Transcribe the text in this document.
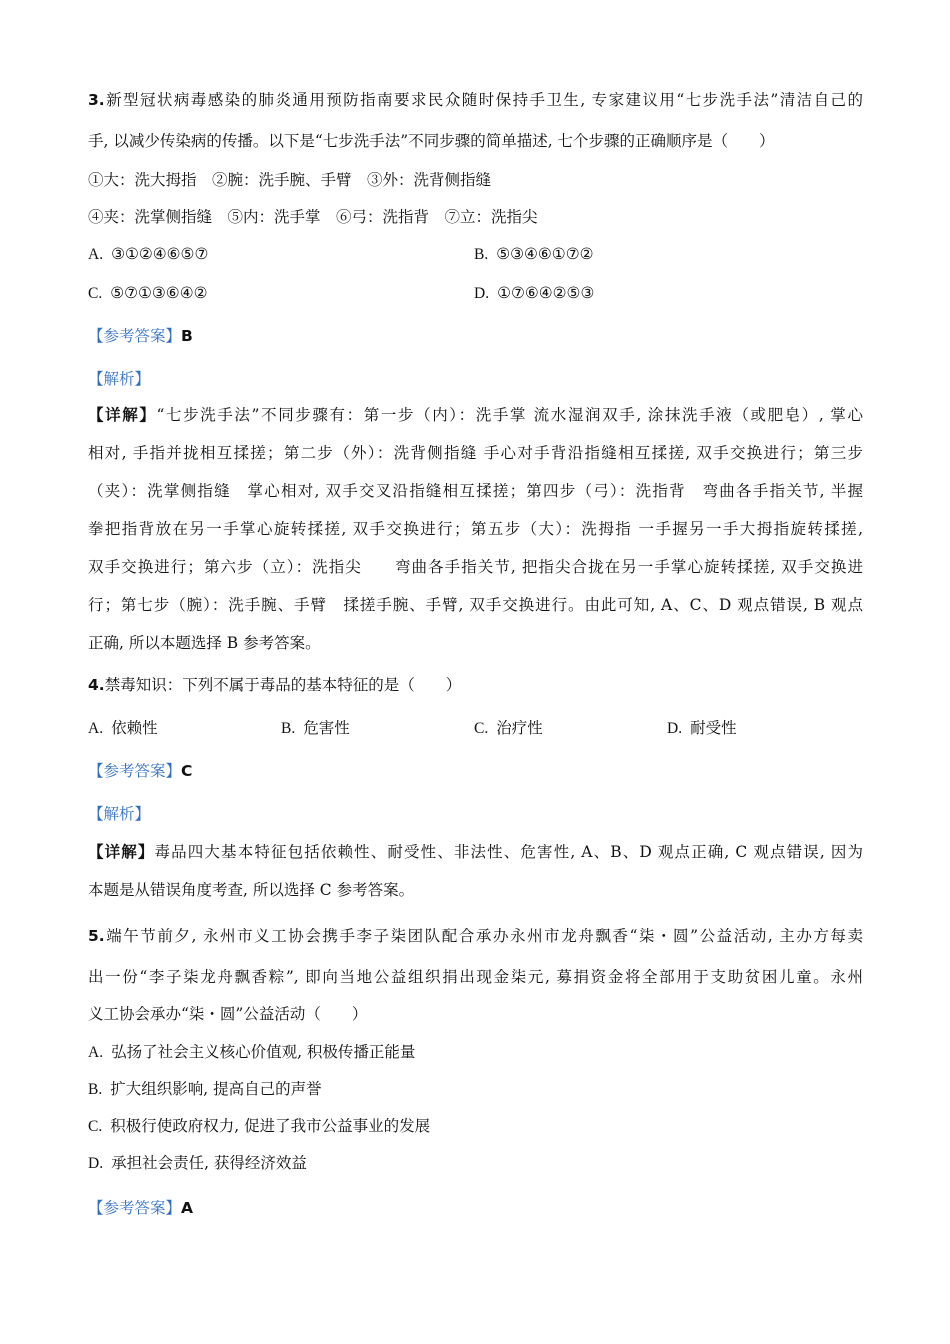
3.新型冠状病毒感染的肺炎通用预防指南要求民众随时保持手卫生, 专家建议用“七步洗手法”清洁自己的

手, 以减少传染病的传播。以下是“七步洗手法”不同步骤的简单描述, 七个步骤的正确顺序是（　　）

①大：洗大拇指　②腕：洗手腕、手臂　③外：洗背侧指缝

④夹：洗掌侧指缝　⑤内：洗手掌　⑥弓：洗指背　⑦立：洗指尖

A. ③①②④⑥⑤⑦	B. ⑤③④⑥①⑦②
C. ⑤⑦①③⑥④②	D. ①⑦⑥④②⑤③

【参考答案】B

【解析】

【详解】“七步洗手法”不同步骤有：第一步（内）：洗手掌 流水湿润双手, 涂抹洗手液（或肥皂）, 掌心

相对, 手指并拢相互揉搓；第二步（外）：洗背侧指缝 手心对手背沿指缝相互揉搓, 双手交换进行；第三步

（夹）：洗掌侧指缝　掌心相对, 双手交叉沿指缝相互揉搓；第四步（弓）：洗指背　弯曲各手指关节, 半握

拳把指背放在另一手掌心旋转揉搓, 双手交换进行；第五步（大）：洗拇指 一手握另一手大拇指旋转揉搓,

双手交换进行；第六步（立）：洗指尖　　弯曲各手指关节, 把指尖合拢在另一手掌心旋转揉搓, 双手交换进

行；第七步（腕）：洗手腕、手臂　揉搓手腕、手臂, 双手交换进行。由此可知, A、C、D 观点错误, B 观点

正确, 所以本题选择 B 参考答案。

4.禁毒知识：下列不属于毒品的基本特征的是（　　）

A. 依赖性	B. 危害性	C. 治疗性	D. 耐受性

【参考答案】C

【解析】

【详解】毒品四大基本特征包括依赖性、耐受性、非法性、危害性, A、B、D 观点正确, C 观点错误, 因为

本题是从错误角度考查, 所以选择 C 参考答案。

5.端午节前夕, 永州市义工协会携手李子柒团队配合承办永州市龙舟飘香“柒・圆”公益活动, 主办方每卖

出一份“李子柒龙舟飘香粽”, 即向当地公益组织捐出现金柒元, 募捐资金将全部用于支助贫困儿童。永州

义工协会承办“柒・圆”公益活动（　　）

A. 弘扬了社会主义核心价值观, 积极传播正能量
B. 扩大组织影响, 提高自己的声誉
C. 积极行使政府权力, 促进了我市公益事业的发展
D. 承担社会责任, 获得经济效益

【参考答案】A
